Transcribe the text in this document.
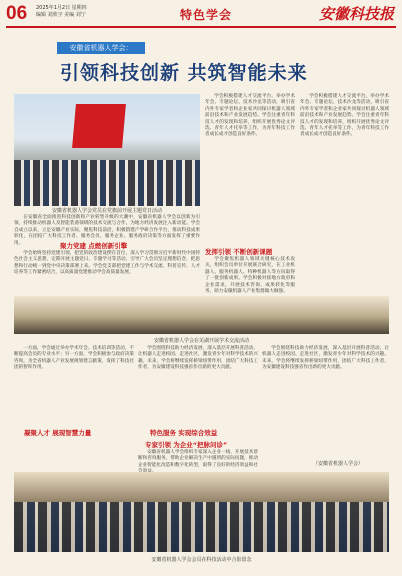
06 2025年1月2日 星期四
编辑 刘欣宇 美编 刘宁	特色学会	安徽科技报
安徽省机器人学会：
引领科技创新 共筑智能未来
安徽省机器人学会党员在党旗前开展主题党日活动

在安徽省全面推进科技创新和产业转型升级的大潮中，安徽省机器人学会以创新为引领，持续推动机器人及智能装备领域的技术交流与合作，为地方经济发展注入新动能。学会自成立以来，立足安徽产业实际，聚焦科技前沿，积极搭建产学研合作平台，推动科技成果转化，在团结广大科技工作者、服务会员、服务企业、服务政府决策等方面发挥了重要作用。	聚力党建 点燃创新引擎

学会始终坚持党建引领，把党的政治建设摆在首位，深入学习贯彻习近平新时代中国特色社会主义思想，定期开展主题党日、专题学习等活动，引导广大会员坚定理想信念，把思想和行动统一到党中央决策部署上来。学会党支部把党建工作与学术交流、科普宣传、人才培养等工作紧密结合，以高质量党建推动学会高质量发展。

学会积极搭建人才交流平台，举办学术年会、专题论坛、技术沙龙等活动，吸引省内外专家学者和企业家共同探讨机器人领域前沿技术和产业发展趋势。学会注重青年科技人才的发现和培养，组织开展优秀论文评选、青年人才托举等工作，为青年科技工作者成长成才创造良好条件。

发挥引领 不断创新课题

学会聚焦机器人领域关键核心技术攻关，组织会员单位开展联合研究，在工业机器人、服务机器人、特种机器人等方向取得了一批创新成果。学会积极对接地方政府和企业需求，开展技术咨询、成果转化等服务，助力安徽机器人产业集群做大做强。

学会积极搭建人才交流平台，举办学术年会、专题论坛、技术沙龙等活动，吸引省内外专家学者和企业家共同探讨机器人领域前沿技术和产业发展趋势。学会注重青年科技人才的发现和培养，组织开展优秀论文评选、青年人才托举等工作，为青年科技工作者成长成才创造良好条件。

安徽省机器人学会在芜湖开展学术交流活动

一方面，学会通过举办学术年会、技术培训等活动，不断提高会员的专业水平；另一方面，学会积极参与政府决策咨询，为全省机器人产业发展规划建言献策，发挥了科技社团的智库作用。

特色服务 实现综合效益

学会围绕科技助力经济发展，深入基层开展科普活动，让机器人走进校园、走进社区，激发青少年对科学技术的兴趣。未来，学会将继续发挥桥梁纽带作用，团结广大科技工作者，为安徽建设科技强省作出新的更大贡献。

凝聚人才 展现智慧力量
专家引领 为企业“把脉问诊”

安徽省机器人学会组织专家深入企业一线，开展技术诊断和咨询服务，帮助企业解决生产中遇到的实际问题，推动企业智能化改造和数字化转型，取得了良好的经济效益和社

学会围绕科技助力经济发展，深入基层开展科普活动，让机器人走进校园、走进社区，激发青少年对科学技术的兴趣。未来，学会将继续发挥桥梁纽带作用，团结广大科技工作者，为安徽建设科技强省作出新的更大贡献。

（安徽省机器人学会）
安徽省机器人学会会员在科技活动中合影留念
